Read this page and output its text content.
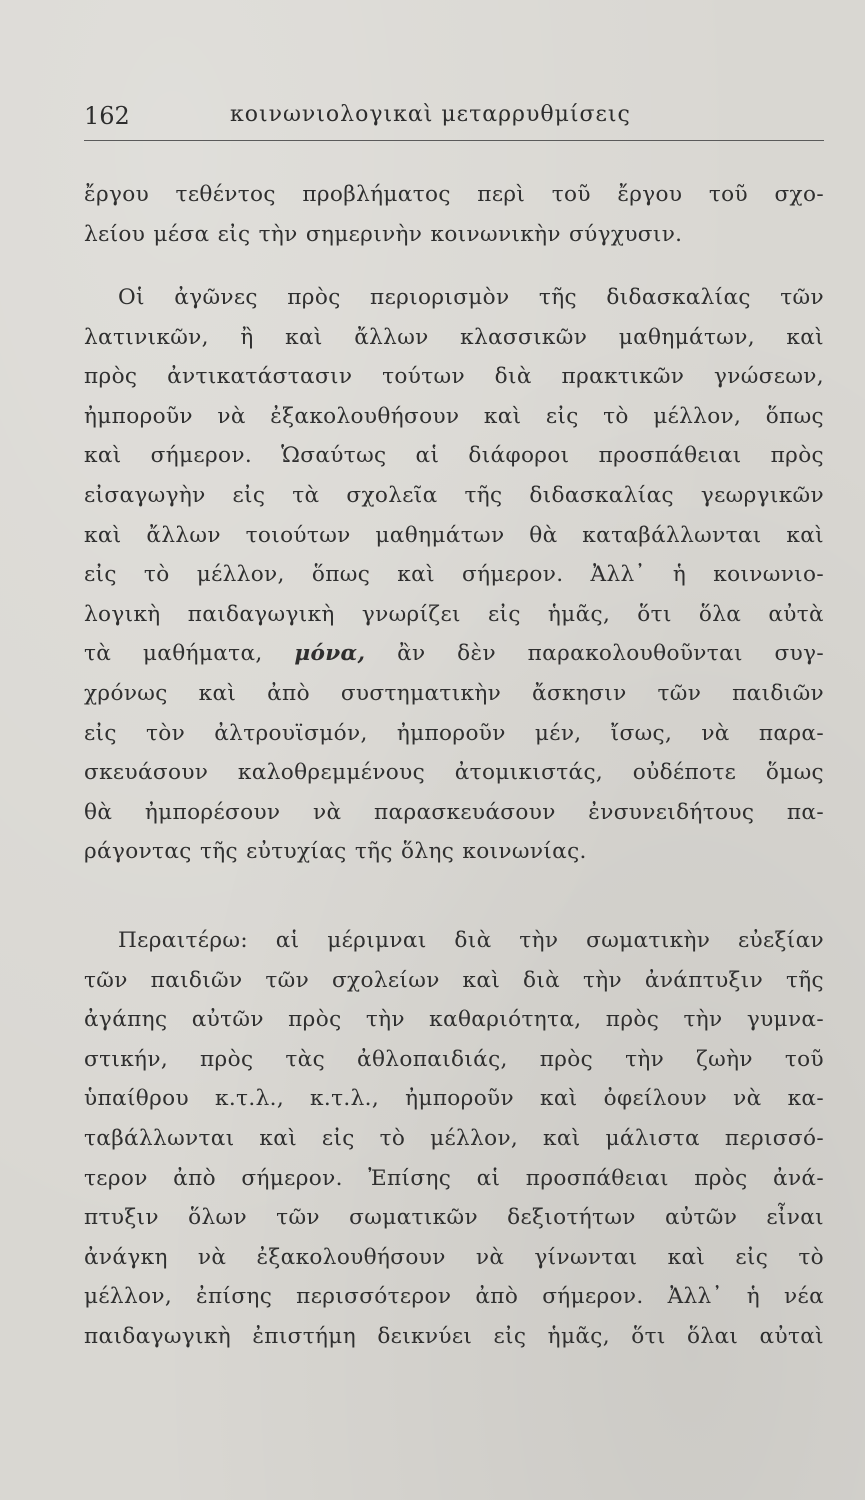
162	κοινωνιολογικαὶ μεταρρυθμίσεις
ἔργου τεθέντος προβλήματος περὶ τοῦ ἔργου τοῦ σχο-
λείου μέσα εἰς τὴν σημερινὴν κοινωνικὴν σύγχυσιν.
Οἱ ἀγῶνες πρὸς περιορισμὸν τῆς διδασκαλίας τῶν
λατινικῶν, ἢ καὶ ἄλλων κλασσικῶν μαθημάτων, καὶ
πρὸς ἀντικατάστασιν τούτων διὰ πρακτικῶν γνώσεων,
ἠμποροῦν νὰ ἐξακολουθήσουν καὶ εἰς τὸ μέλλον, ὅπως
καὶ σήμερον. Ὡσαύτως αἱ διάφοροι προσπάθειαι πρὸς
εἰσαγωγὴν εἰς τὰ σχολεῖα τῆς διδασκαλίας γεωργικῶν
καὶ ἄλλων τοιούτων μαθημάτων θὰ καταβάλλωνται καὶ
εἰς τὸ μέλλον, ὅπως καὶ σήμερον. Ἀλλ᾽ ἡ κοινωνιο-
λογικὴ παιδαγωγικὴ γνωρίζει εἰς ἡμᾶς, ὅτι ὅλα αὐτὰ
τὰ μαθήματα, μόνα, ἂν δὲν παρακολουθοῦνται συγ-
χρόνως καὶ ἀπὸ συστηματικὴν ἄσκησιν τῶν παιδιῶν
εἰς τὸν ἀλτρουϊσμόν, ἠμποροῦν μέν, ἴσως, νὰ παρα-
σκευάσουν καλοθρεμμένους ἀτομικιστάς, οὐδέποτε ὅμως
θὰ ἠμπορέσουν νὰ παρασκευάσουν ἐνσυνειδήτους πα-
ράγοντας τῆς εὐτυχίας τῆς ὅλης κοινωνίας.
Περαιτέρω: αἱ μέριμναι διὰ τὴν σωματικὴν εὐεξίαν
τῶν παιδιῶν τῶν σχολείων καὶ διὰ τὴν ἀνάπτυξιν τῆς
ἀγάπης αὐτῶν πρὸς τὴν καθαριότητα, πρὸς τὴν γυμνα-
στικήν, πρὸς τὰς ἀθλοπαιδιάς, πρὸς τὴν ζωὴν τοῦ
ὑπαίθρου κ.τ.λ., κ.τ.λ., ἠμποροῦν καὶ ὀφείλουν νὰ κα-
ταβάλλωνται καὶ εἰς τὸ μέλλον, καὶ μάλιστα περισσό-
τερον ἀπὸ σήμερον. Ἐπίσης αἱ προσπάθειαι πρὸς ἀνά-
πτυξιν ὅλων τῶν σωματικῶν δεξιοτήτων αὐτῶν εἶναι
ἀνάγκη νὰ ἐξακολουθήσουν νὰ γίνωνται καὶ εἰς τὸ
μέλλον, ἐπίσης περισσότερον ἀπὸ σήμερον. Ἀλλ᾽ ἡ νέα
παιδαγωγικὴ ἐπιστήμη δεικνύει εἰς ἡμᾶς, ὅτι ὅλαι αὐταὶ
